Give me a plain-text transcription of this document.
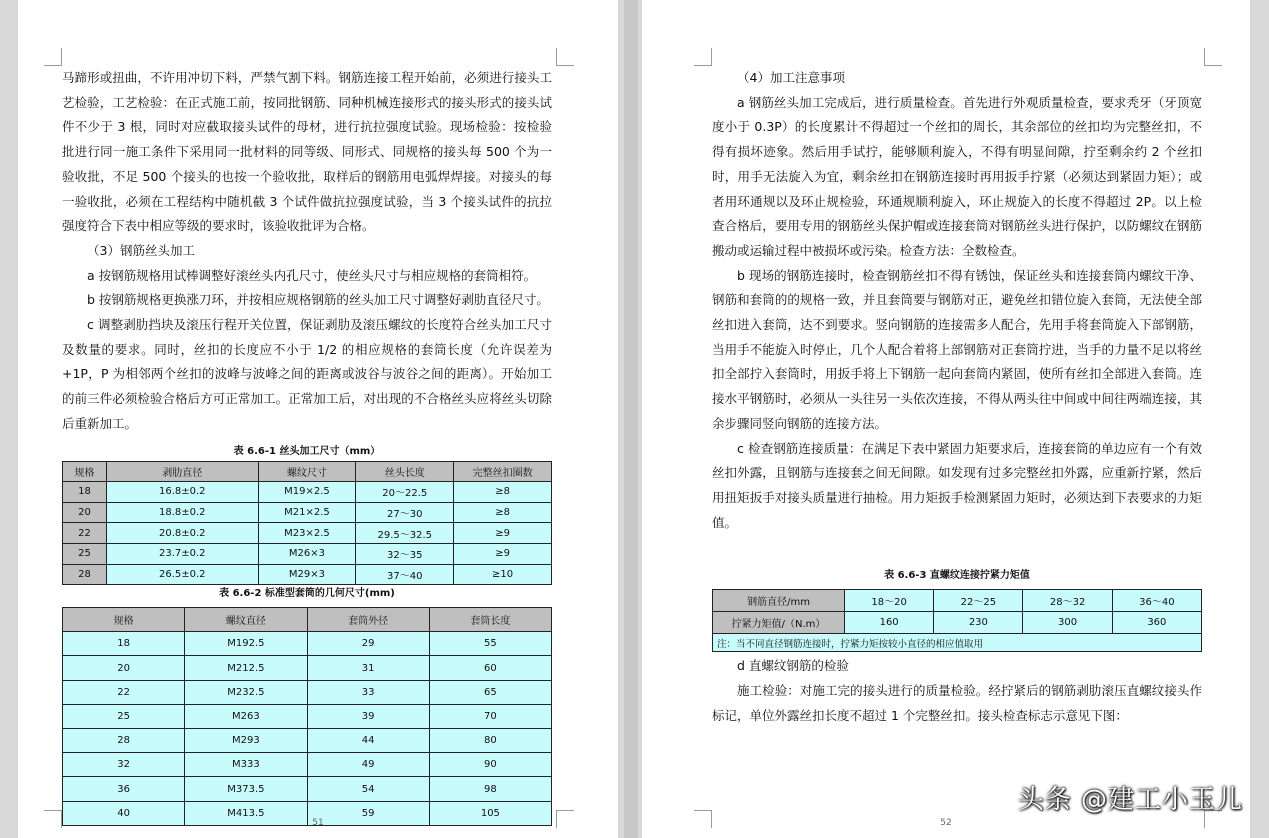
马蹄形或扭曲，不许用冲切下料，严禁气割下料。钢筋连接工程开始前，必须进行接头工艺检验，工艺检验：在正式施工前，按同批钢筋、同种机械连接形式的接头形式的接头试件不少于 3 根，同时对应截取接头试件的母材，进行抗拉强度试验。现场检验：按检验批进行同一施工条件下采用同一批材料的同等级、同形式、同规格的接头每 500 个为一验收批，不足 500 个接头的也按一个验收批，取样后的钢筋用电弧焊焊接。对接头的每一验收批，必须在工程结构中随机截 3 个试件做抗拉强度试验，当 3 个接头试件的抗拉强度符合下表中相应等级的要求时，该验收批评为合格。

（3）钢筋丝头加工

a 按钢筋规格用试棒调整好滚丝头内孔尺寸，使丝头尺寸与相应规格的套筒相符。

b 按钢筋规格更换涨刀环，并按相应规格钢筋的丝头加工尺寸调整好剥肋直径尺寸。

c 调整剥肋挡块及滚压行程开关位置，保证剥肋及滚压螺纹的长度符合丝头加工尺寸及数量的要求。同时，丝扣的长度应不小于 1/2 的相应规格的套筒长度（允许误差为+1P，P 为相邻两个丝扣的波峰与波峰之间的距离或波谷与波谷之间的距离）。开始加工的前三件必须检验合格后方可正常加工。正常加工后，对出现的不合格丝头应将丝头切除后重新加工。

表 6.6-1 丝头加工尺寸（mm）
规格	剥肋直径	螺纹尺寸	丝头长度	完整丝扣圈数
18	16.8±0.2	M19×2.5	20～22.5	≥8
20	18.8±0.2	M21×2.5	27～30	≥8
22	20.8±0.2	M23×2.5	29.5～32.5	≥9
25	23.7±0.2	M26×3	32～35	≥9
28	26.5±0.2	M29×3	37～40	≥10
表 6.6-2 标准型套筒的几何尺寸(mm)
规格	螺纹直径	套筒外径	套筒长度
18	M192.5	29	55
20	M212.5	31	60
22	M232.5	33	65
25	M263	39	70
28	M293	44	80
32	M333	49	90
36	M373.5	54	98
40	M413.5	59	105
51

（4）加工注意事项

a 钢筋丝头加工完成后，进行质量检查。首先进行外观质量检查，要求秃牙（牙顶宽度小于 0.3P）的长度累计不得超过一个丝扣的周长，其余部位的丝扣均为完整丝扣，不得有损坏迹象。然后用手试拧，能够顺利旋入，不得有明显间隙，拧至剩余约 2 个丝扣时，用手无法旋入为宜，剩余丝扣在钢筋连接时再用扳手拧紧（必须达到紧固力矩）；或者用环通规以及环止规检验，环通规顺利旋入，环止规旋入的长度不得超过 2P。以上检查合格后，要用专用的钢筋丝头保护帽或连接套筒对钢筋丝头进行保护，以防螺纹在钢筋搬动或运输过程中被损坏或污染。检查方法：全数检查。

b 现场的钢筋连接时，检查钢筋丝扣不得有锈蚀，保证丝头和连接套筒内螺纹干净、钢筋和套筒的的规格一致，并且套筒要与钢筋对正，避免丝扣错位旋入套筒，无法使全部丝扣进入套筒，达不到要求。竖向钢筋的连接需多人配合，先用手将套筒旋入下部钢筋，当用手不能旋入时停止，几个人配合着将上部钢筋对正套筒拧进，当手的力量不足以将丝扣全部拧入套筒时，用扳手将上下钢筋一起向套筒内紧固，使所有丝扣全部进入套筒。连接水平钢筋时，必须从一头往另一头依次连接，不得从两头往中间或中间往两端连接，其余步骤同竖向钢筋的连接方法。

c 检查钢筋连接质量：在满足下表中紧固力矩要求后，连接套筒的单边应有一个有效丝扣外露，且钢筋与连接套之间无间隙。如发现有过多完整丝扣外露，应重新拧紧，然后用扭矩扳手对接头质量进行抽检。用力矩扳手检测紧固力矩时，必须达到下表要求的力矩值。

表 6.6-3 直螺纹连接拧紧力矩值
钢筋直径/mm	18～20	22～25	28～32	36～40
拧紧力矩值/（N.m）	160	230	300	360
注：当不同直径钢筋连接时，拧紧力矩按较小直径的相应值取用				

d 直螺纹钢筋的检验

施工检验：对施工完的接头进行的质量检验。经拧紧后的钢筋剥肋滚压直螺纹接头作标记，单位外露丝扣长度不超过 1 个完整丝扣。接头检查标志示意见下图：

52
头条 @建工小玉儿
